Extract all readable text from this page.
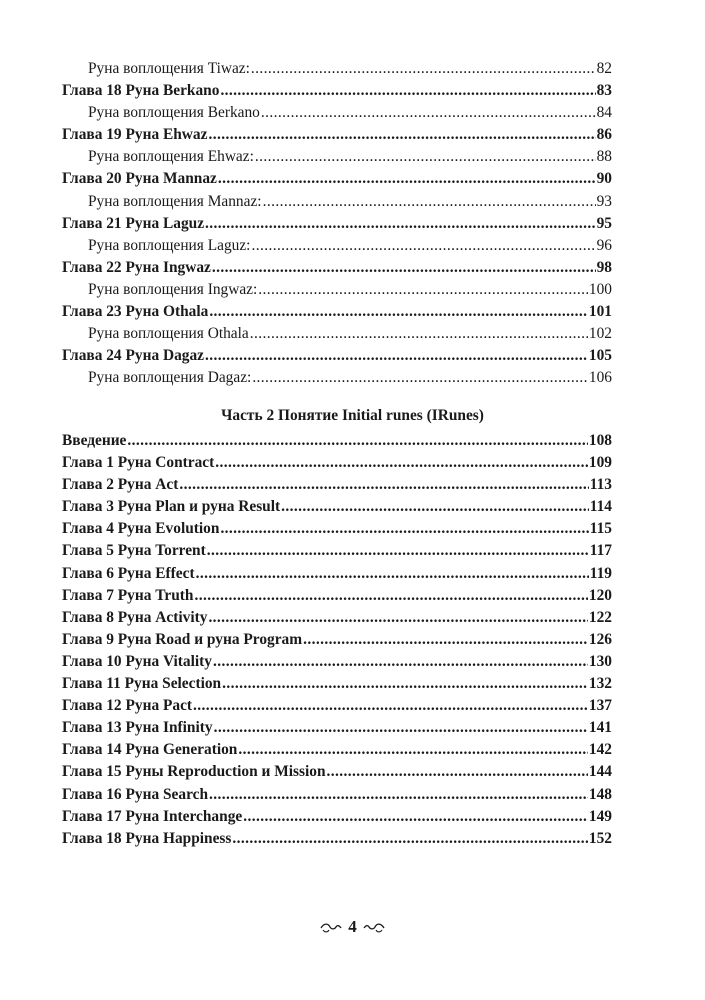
Руна воплощения Tiwaz: .....	82
Глава 18 Руна Berkano .....	83
Руна воплощения Berkano .....	84
Глава 19 Руна Ehwaz .....	86
Руна воплощения Ehwaz: .....	88
Глава 20 Руна Mannaz .....	90
Руна воплощения Mannaz: .....	93
Глава 21 Руна Laguz .....	95
Руна воплощения Laguz: .....	96
Глава 22 Руна Ingwaz .....	98
Руна воплощения Ingwaz: .....	100
Глава 23 Руна Othala .....	101
Руна воплощения Othala .....	102
Глава 24 Руна Dagaz .....	105
Руна воплощения Dagaz: .....	106
Часть 2 Понятие Initial runes (IRunes)
Введение .....	108
Глава 1 Руна Contract .....	109
Глава 2 Руна Act .....	113
Глава 3 Руна Plan и руна Result .....	114
Глава 4 Руна Evolution .....	115
Глава 5 Руна Torrent .....	117
Глава 6 Руна Effect .....	119
Глава 7 Руна Truth .....	120
Глава 8 Руна Activity .....	122
Глава 9 Руна Road и руна Program .....	126
Глава 10 Руна Vitality .....	130
Глава 11 Руна Selection .....	132
Глава 12 Руна Pact .....	137
Глава 13 Руна Infinity .....	141
Глава 14 Руна Generation .....	142
Глава 15 Руны Reproduction и Mission .....	144
Глава 16 Руна Search .....	148
Глава 17 Руна Interchange .....	149
Глава 18 Руна Happiness .....	152
4
